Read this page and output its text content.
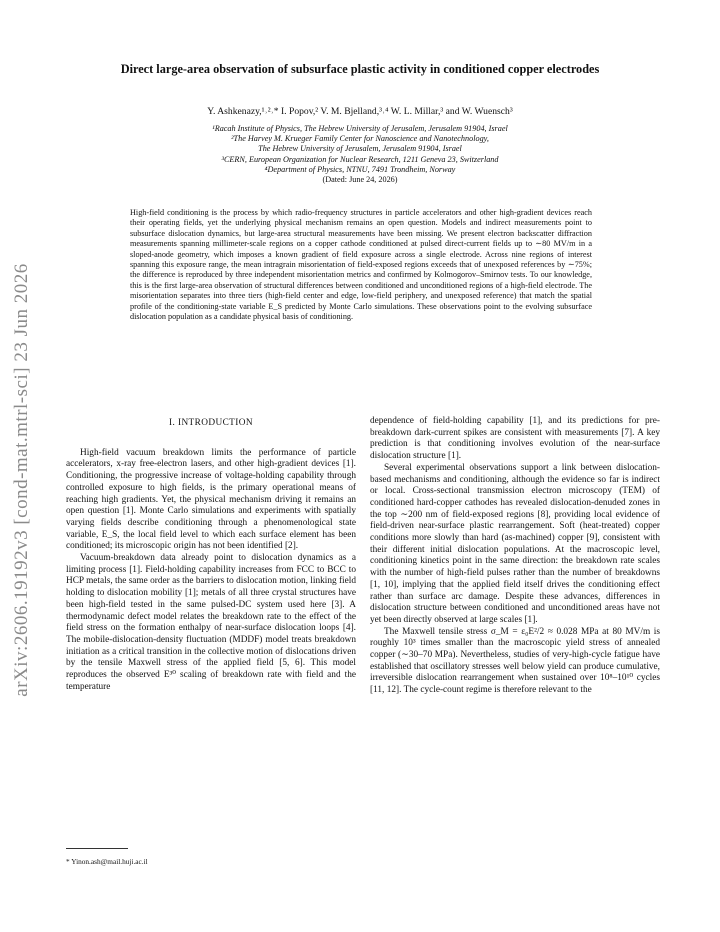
arXiv:2606.19192v3 [cond-mat.mtrl-sci] 23 Jun 2026
Direct large-area observation of subsurface plastic activity in conditioned copper electrodes
Y. Ashkenazy,¹˒²˒* I. Popov,² V. M. Bjelland,³˒⁴ W. L. Millar,³ and W. Wuensch³
¹Racah Institute of Physics, The Hebrew University of Jerusalem, Jerusalem 91904, Israel
²The Harvey M. Krueger Family Center for Nanoscience and Nanotechnology,
The Hebrew University of Jerusalem, Jerusalem 91904, Israel
³CERN, European Organization for Nuclear Research, 1211 Geneva 23, Switzerland
⁴Department of Physics, NTNU, 7491 Trondheim, Norway
(Dated: June 24, 2026)
High-field conditioning is the process by which radio-frequency structures in particle accelerators and other high-gradient devices reach their operating fields, yet the underlying physical mechanism remains an open question. Models and indirect measurements point to subsurface dislocation dynamics, but large-area structural measurements have been missing. We present electron backscatter diffraction measurements spanning millimeter-scale regions on a copper cathode conditioned at pulsed direct-current fields up to ∼80 MV/m in a sloped-anode geometry, which imposes a known gradient of field exposure across a single electrode. Across nine regions of interest spanning this exposure range, the mean intragrain misorientation of field-exposed regions exceeds that of unexposed references by ∼75%; the difference is reproduced by three independent misorientation metrics and confirmed by Kolmogorov–Smirnov tests. To our knowledge, this is the first large-area observation of structural differences between conditioned and unconditioned regions of a high-field electrode. The misorientation separates into three tiers (high-field center and edge, low-field periphery, and unexposed reference) that match the spatial profile of the conditioning-state variable E_S predicted by Monte Carlo simulations. These observations point to the evolving subsurface dislocation population as a candidate physical basis of conditioning.
I. INTRODUCTION

High-field vacuum breakdown limits the performance of particle accelerators, x-ray free-electron lasers, and other high-gradient devices [1]. Conditioning, the progressive increase of voltage-holding capability through controlled exposure to high fields, is the primary operational means of reaching high gradients. Yet, the physical mechanism driving it remains an open question [1]. Monte Carlo simulations and experiments with spatially varying fields describe conditioning through a phenomenological state variable, E_S, the local field level to which each surface element has been conditioned; its microscopic origin has not been identified [2].

Vacuum-breakdown data already point to dislocation dynamics as a limiting process [1]. Field-holding capability increases from FCC to BCC to HCP metals, the same order as the barriers to dislocation motion, linking field holding to dislocation mobility [1]; metals of all three crystal structures have been high-field tested in the same pulsed-DC system used here [3]. A thermodynamic defect model relates the breakdown rate to the effect of the field stress on the formation enthalpy of near-surface dislocation loops [4]. The mobile-dislocation-density fluctuation (MDDF) model treats breakdown initiation as a critical transition in the collective motion of dislocations driven by the tensile Maxwell stress of the applied field [5, 6]. This model reproduces the observed E³⁰ scaling of breakdown rate with field and the temperature

dependence of field-holding capability [1], and its predictions for pre-breakdown dark-current spikes are consistent with measurements [7]. A key prediction is that conditioning involves evolution of the near-surface dislocation structure [1].

Several experimental observations support a link between dislocation-based mechanisms and conditioning, although the evidence so far is indirect or local. Cross-sectional transmission electron microscopy (TEM) of conditioned hard-copper cathodes has revealed dislocation-denuded zones in the top ∼200 nm of field-exposed regions [8], providing local evidence of field-driven near-surface plastic rearrangement. Soft (heat-treated) copper conditions more slowly than hard (as-machined) copper [9], consistent with their different initial dislocation populations. At the macroscopic level, conditioning kinetics point in the same direction: the breakdown rate scales with the number of high-field pulses rather than the number of breakdowns [1, 10], implying that the applied field itself drives the conditioning effect rather than surface arc damage. Despite these advances, differences in dislocation structure between conditioned and unconditioned areas have not yet been directly observed at large scales [1].

The Maxwell tensile stress σ_M = ε₀E²/2 ≈ 0.028 MPa at 80 MV/m is roughly 10³ times smaller than the macroscopic yield stress of annealed copper (∼30–70 MPa). Nevertheless, studies of very-high-cycle fatigue have established that oscillatory stresses well below yield can produce cumulative, irreversible dislocation rearrangement when sustained over 10⁸–10¹⁰ cycles [11, 12]. The cycle-count regime is therefore relevant to the

* Yinon.ash@mail.huji.ac.il
